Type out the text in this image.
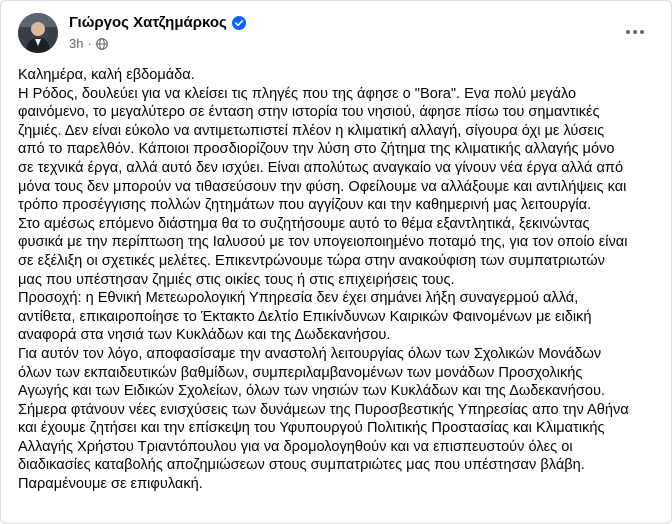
Γιώργος Χατζημάρκος
3h ·
Καλημέρα, καλή εβδομάδα.
Η Ρόδος, δουλεύει για να κλείσει τις πληγές που της άφησε ο "Bora". Ενα πολύ μεγάλο
φαινόμενο, το μεγαλύτερο σε ένταση στην ιστορία του νησιού, άφησε πίσω του σημαντικές
ζημιές. Δεν είναι εύκολο να αντιμετωπιστεί πλέον η κλιματική αλλαγή, σίγουρα όχι με λύσεις
από το παρελθόν. Κάποιοι προσδιορίζουν την λύση στο ζήτημα της κλιματικής αλλαγής μόνο
σε τεχνικά έργα, αλλά αυτό δεν ισχύει. Είναι απολύτως αναγκαίο να γίνουν νέα έργα αλλά από
μόνα τους δεν μπορούν να τιθασεύσουν την φύση. Οφείλουμε να αλλάξουμε και αντιλήψεις και
τρόπο προσέγγισης πολλών ζητημάτων που αγγίζουν και την καθημερινή μας λειτουργία.
Στο αμέσως επόμενο διάστημα θα το συζητήσουμε αυτό το θέμα εξαντλητικά, ξεκινώντας
φυσικά με την περίπτωση της Ιαλυσού με τον υπογειοποιημένο ποταμό της, για τον οποίο είναι
σε εξέλιξη οι σχετικές μελέτες. Επικεντρώνουμε τώρα στην ανακούφιση των συμπατριωτών
μας που υπέστησαν ζημιές στις οικίες τους ή στις επιχειρήσεις τους.
Προσοχή: η Εθνική Μετεωρολογική Υπηρεσία δεν έχει σημάνει λήξη συναγερμού αλλά,
αντίθετα, επικαιροποίησε το Έκτακτο Δελτίο Επικίνδυνων Καιρικών Φαινομένων με ειδική
αναφορά στα νησιά των Κυκλάδων και της Δωδεκανήσου.
Για αυτόν τον λόγο, αποφασίσαμε την αναστολή λειτουργίας όλων των Σχολικών Μονάδων
όλων των εκπαιδευτικών βαθμίδων, συμπεριλαμβανομένων των μονάδων Προσχολικής
Αγωγής και των Ειδικών Σχολείων, όλων των νησιών των Κυκλάδων και της Δωδεκανήσου.
Σήμερα φτάνουν νέες ενισχύσεις των δυνάμεων της Πυροσβεστικής Υπηρεσίας απο την Αθήνα
και έχουμε ζητήσει και την επίσκεψη του Υφυπουργού Πολιτικής Προστασίας και Κλιματικής
Αλλαγής Χρήστου Τριαντόπουλου για να δρομολογηθούν και να επισπευστούν όλες οι
διαδικασίες καταβολής αποζημιώσεων στους συμπατριώτες μας που υπέστησαν βλάβη.
Παραμένουμε σε επιφυλακή.
